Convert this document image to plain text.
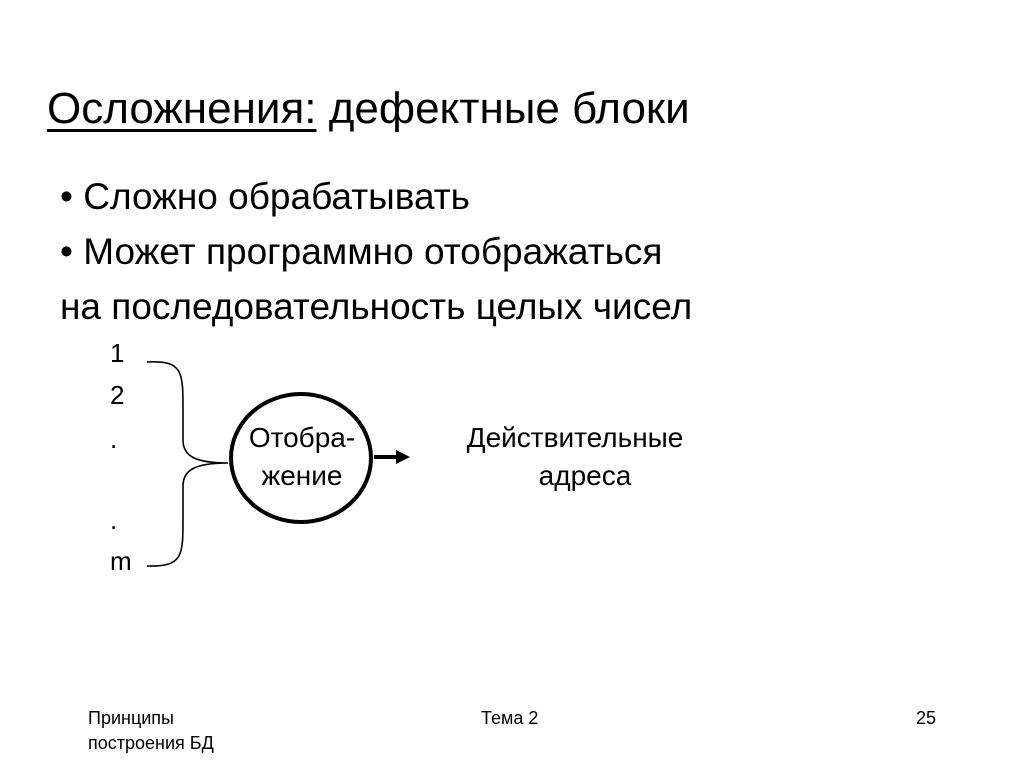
Осложнения: дефектные блоки
• Сложно обрабатывать
• Может программно отображаться
на последовательность целых чисел
1
2
.
.
m
Отобра-
жение
Действительные
адреса
Принципы
построения БД
Тема 2	25
